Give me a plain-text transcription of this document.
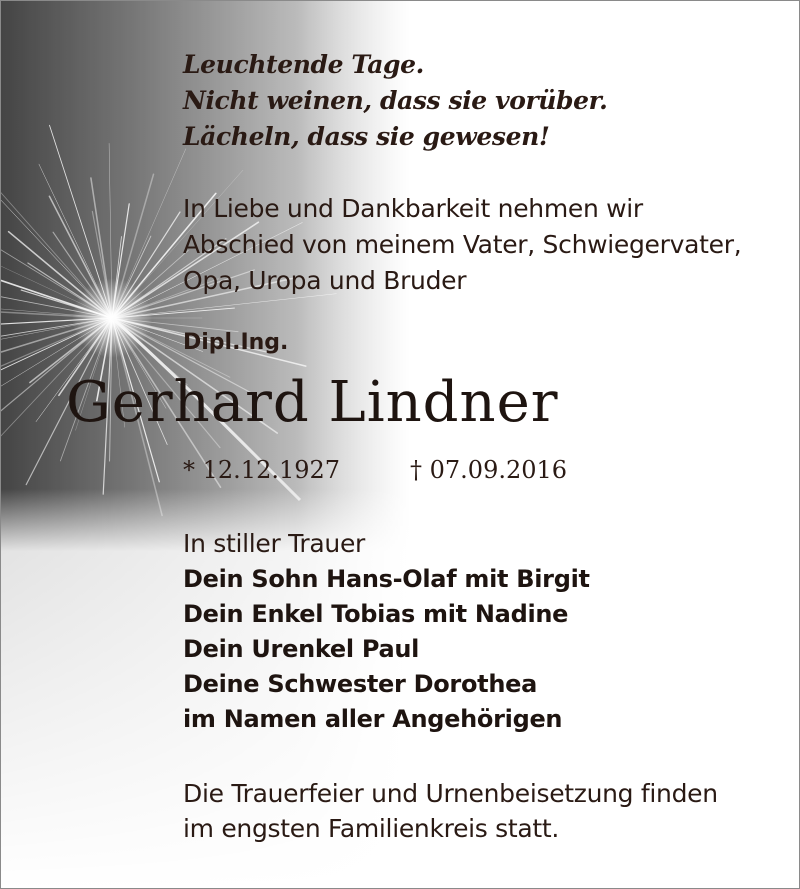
Leuchtende Tage.
Nicht weinen, dass sie vorüber.
Lächeln, dass sie gewesen!
In Liebe und Dankbarkeit nehmen wir
Abschied von meinem Vater, Schwiegervater,
Opa, Uropa und Bruder
Dipl.Ing.
Gerhard Lindner
* 12.12.1927	† 07.09.2016
In stiller Trauer
Dein Sohn Hans-Olaf mit Birgit
Dein Enkel Tobias mit Nadine
Dein Urenkel Paul
Deine Schwester Dorothea
im Namen aller Angehörigen
Die Trauerfeier und Urnenbeisetzung finden
im engsten Familienkreis statt.
